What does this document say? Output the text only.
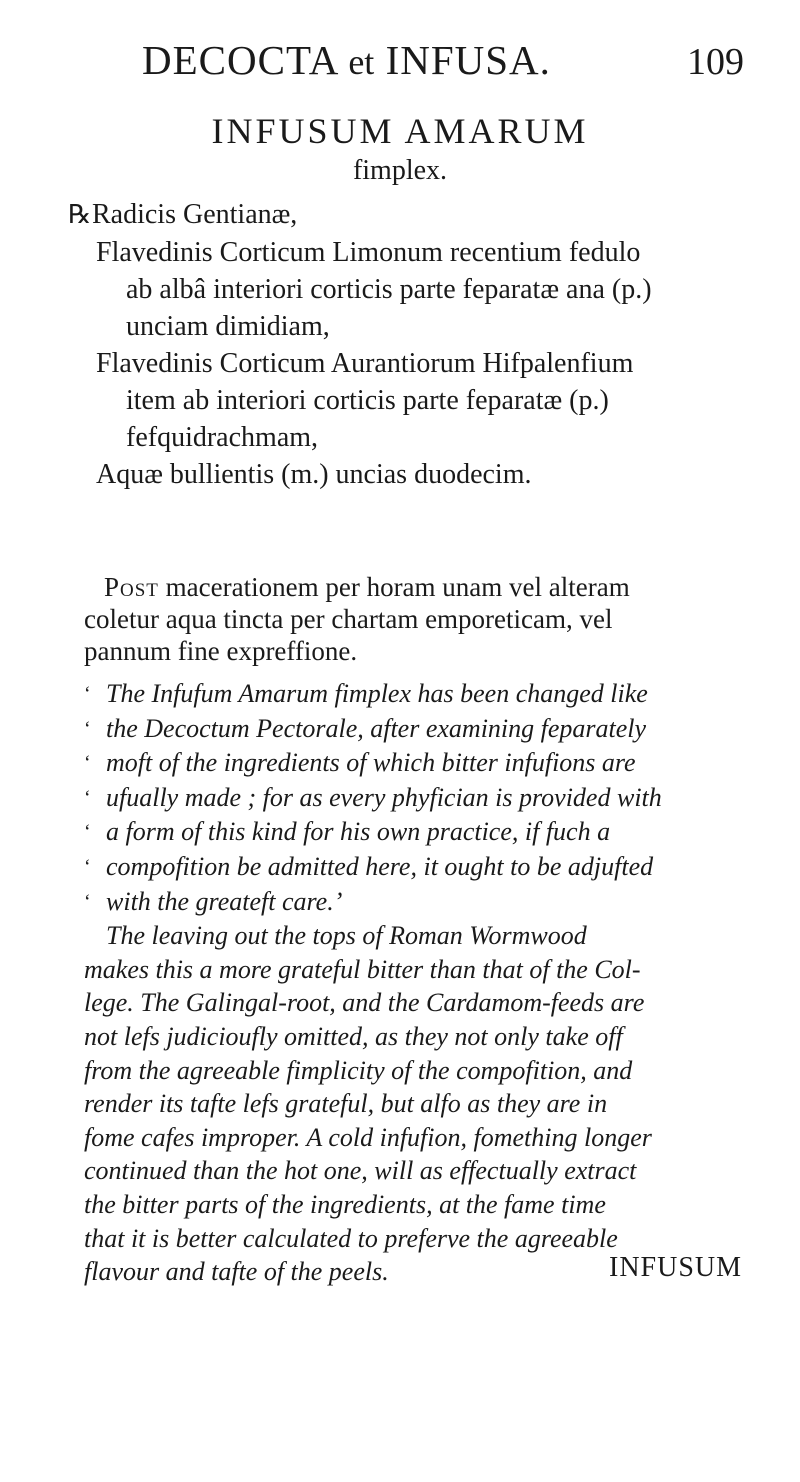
DECOCTA et INFUSA.	109
INFUSUM AMARUM
fimplex.
℞Radicis Gentianæ,
Flavedinis Corticum Limonum recentium fedulo
ab albâ interiori corticis parte feparatæ ana (p.)
unciam dimidiam,
Flavedinis Corticum Aurantiorum Hifpalenfium
item ab interiori corticis parte feparatæ (p.)
fefquidrachmam,
Aquæ bullientis (m.) uncias duodecim.
Post macerationem per horam unam vel alteram
coletur aqua tincta per chartam emporeticam, vel
pannum fine expreffione.
‘ The Infufum Amarum fimplex has been changed like
‘ the Decoctum Pectorale, after examining feparately
‘ moft of the ingredients of which bitter infufions are
‘ ufually made ; for as every phyfician is provided with
‘ a form of this kind for his own practice, if fuch a
‘ compofition be admitted here, it ought to be adjufted
‘ with the greateft care.’
The leaving out the tops of Roman Wormwood
makes this a more grateful bitter than that of the Col-
lege. The Galingal-root, and the Cardamom-feeds are
not lefs judicioufly omitted, as they not only take off
from the agreeable fimplicity of the compofition, and
render its tafte lefs grateful, but alfo as they are in
fome cafes improper. A cold infufion, fomething longer
continued than the hot one, will as effectually extract
the bitter parts of the ingredients, at the fame time
that it is better calculated to preferve the agreeable
flavour and tafte of the peels.	INFUSUM
